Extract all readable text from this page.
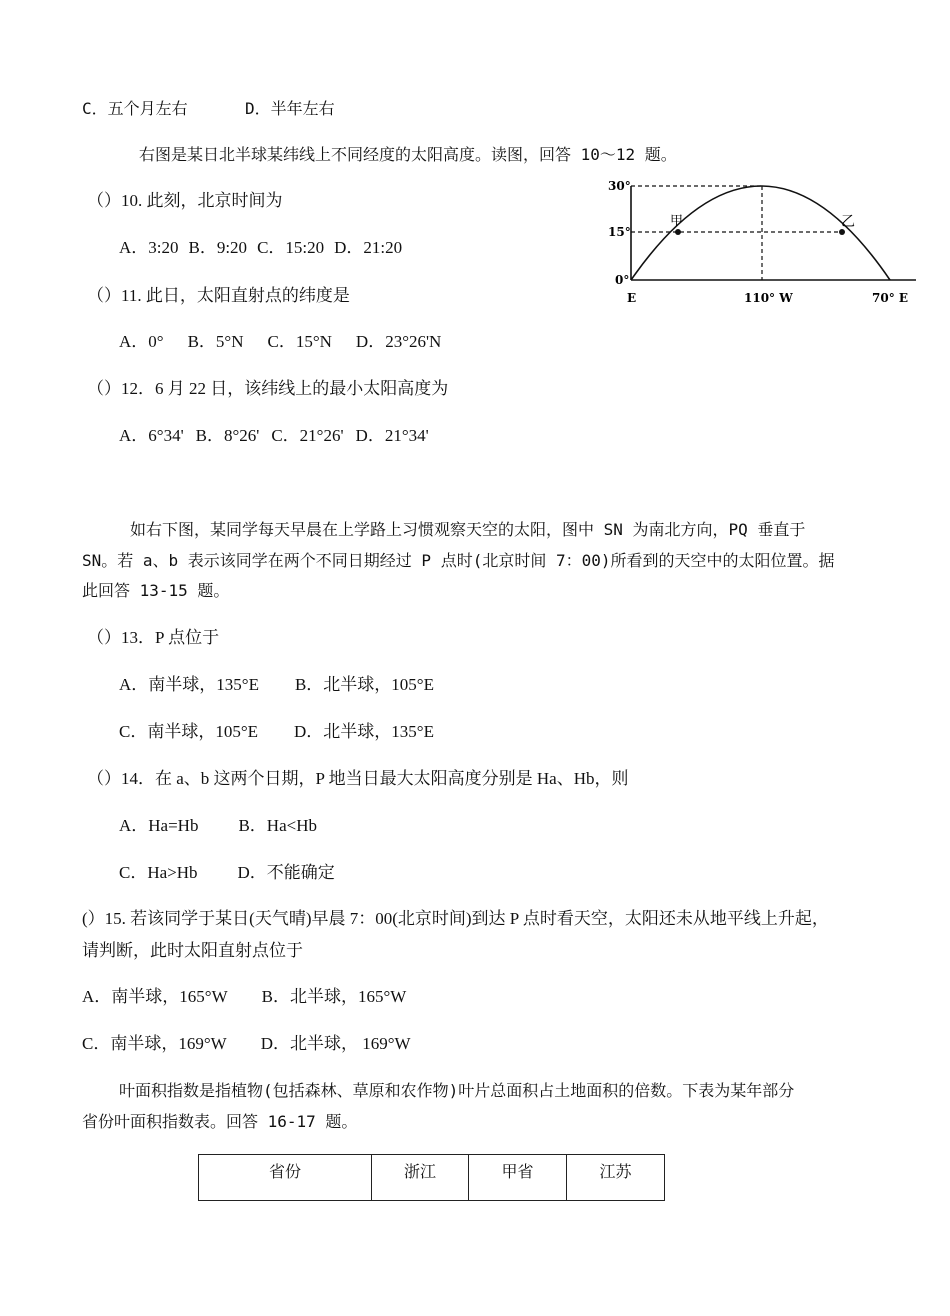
C．五个月左右	D．半年左右
右图是某日北半球某纬线上不同经度的太阳高度。读图，回答 10～12 题。
30°
15°
0°
E	110° W	70° E
甲	乙
（）10. 此刻，北京时间为
A．3:20 B．9:20 C．15:20 D．21:20
（）11. 此日，太阳直射点的纬度是
A．0° B．5°N C．15°N D．23°26'N
（）12．6 月 22 日，该纬线上的最小太阳高度为
A．6°34' B．8°26' C．21°26' D．21°34'
如右下图，某同学每天早晨在上学路上习惯观察天空的太阳，图中 SN 为南北方向，PQ 垂直于
SN。若 a、b 表示该同学在两个不同日期经过 P 点时(北京时间 7：00)所看到的天空中的太阳位置。据
此回答 13-15 题。
（）13．P 点位于
A．南半球，135°E B．北半球，105°E
C．南半球，105°E D．北半球，135°E
（）14．在 a、b 这两个日期，P 地当日最大太阳高度分别是 Ha、Hb，则
A．Ha=Hb B．Ha<Hb
C．Ha>Hb D．不能确定
(）15. 若该同学于某日(天气晴)早晨 7：00(北京时间)到达 P 点时看天空，太阳还未从地平线上升起，
请判断，此时太阳直射点位于
A．南半球，165°W B．北半球，165°W
C．南半球，169°W D．北半球， 169°W
叶面积指数是指植物(包括森林、草原和农作物)叶片总面积占土地面积的倍数。下表为某年部分
省份叶面积指数表。回答 16-17 题。
省份	浙江	甲省	江苏
